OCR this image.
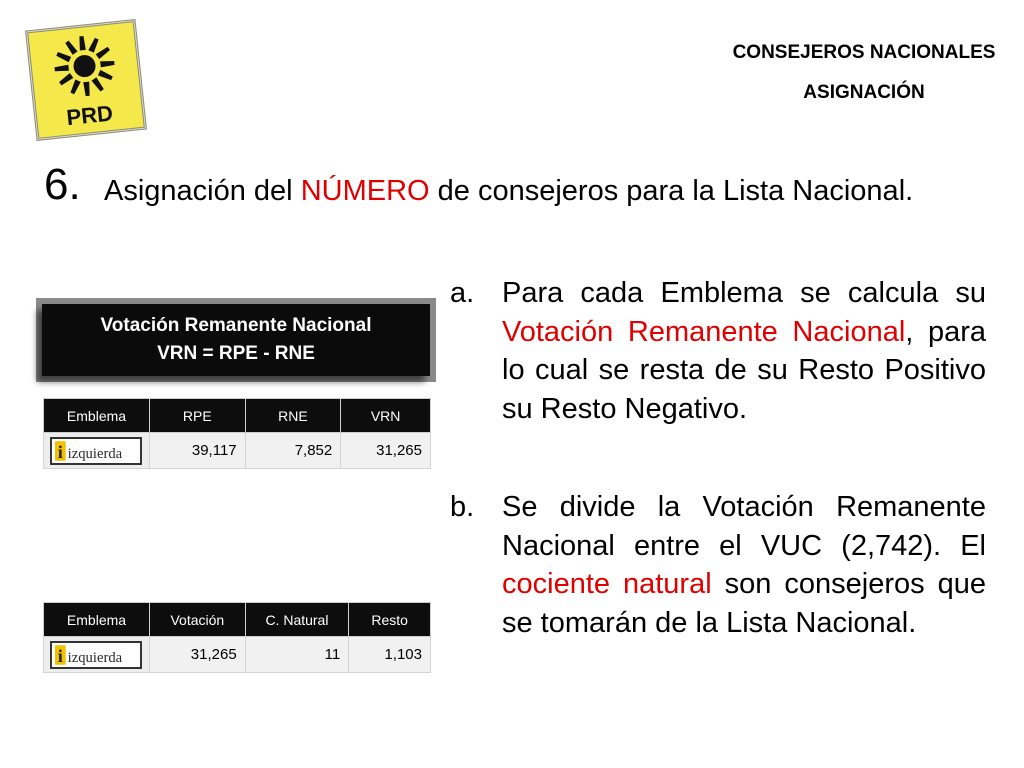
PRD
CONSEJEROS NACIONALES
ASIGNACIÓN
6. Asignación del NÚMERO de consejeros para la Lista Nacional.
Votación Remanente Nacional
VRN = RPE - RNE
Emblema	RPE	RNE	VRN

i izquierda	39,117	7,852	31,265
Emblema	Votación	C. Natural	Resto

i izquierda	31,265	11	1,103
a. Para cada Emblema se calcula su Votación Remanente Nacional, para lo cual se resta de su Resto Positivo su Resto Negativo.
b. Se divide la Votación Remanente Nacional entre el VUC (2,742). El cociente natural son consejeros que se tomarán de la Lista Nacional.
